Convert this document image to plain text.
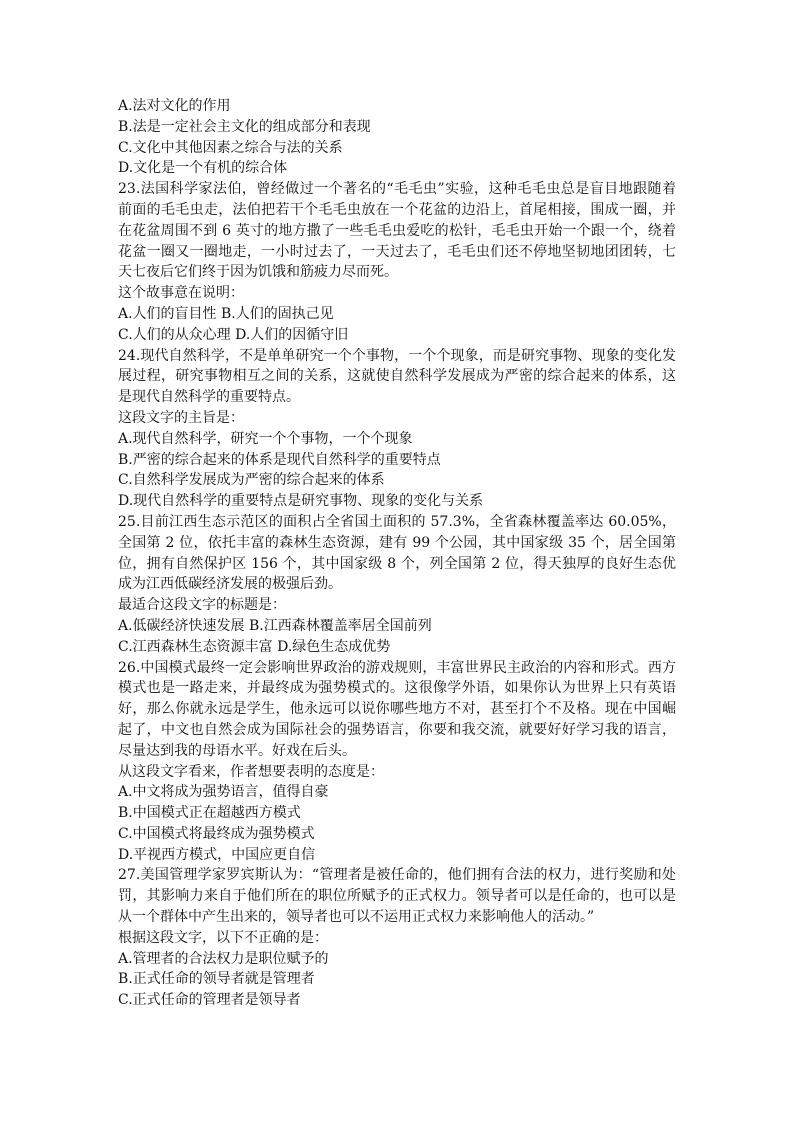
A.法对文化的作用
B.法是一定社会主文化的组成部分和表现
C.文化中其他因素之综合与法的关系
D.文化是一个有机的综合体
23.法国科学家法伯，曾经做过一个著名的“毛毛虫”实验，这种毛毛虫总是盲目地跟随着
前面的毛毛虫走，法伯把若干个毛毛虫放在一个花盆的边沿上，首尾相接，围成一圈，并
在花盆周围不到 6 英寸的地方撒了一些毛毛虫爱吃的松针，毛毛虫开始一个跟一个，绕着
花盆一圈又一圈地走，一小时过去了，一天过去了，毛毛虫们还不停地坚韧地团团转，七
天七夜后它们终于因为饥饿和筋疲力尽而死。
这个故事意在说明：
A.人们的盲目性 B.人们的固执己见
C.人们的从众心理 D.人们的因循守旧
24.现代自然科学，不是单单研究一个个事物，一个个现象，而是研究事物、现象的变化发
展过程，研究事物相互之间的关系，这就使自然科学发展成为严密的综合起来的体系，这
是现代自然科学的重要特点。
这段文字的主旨是：
A.现代自然科学，研究一个个事物，一个个现象
B.严密的综合起来的体系是现代自然科学的重要特点
C.自然科学发展成为严密的综合起来的体系
D.现代自然科学的重要特点是研究事物、现象的变化与关系
25.目前江西生态示范区的面积占全省国土面积的 57.3%，全省森林覆盖率达 60.05%，
全国第 2 位，依托丰富的森林生态资源，建有 99 个公园，其中国家级 35 个，居全国第
位，拥有自然保护区 156 个，其中国家级 8 个，列全国第 2 位，得天独厚的良好生态优
成为江西低碳经济发展的极强后劲。
最适合这段文字的标题是：
A.低碳经济快速发展 B.江西森林覆盖率居全国前列
C.江西森林生态资源丰富 D.绿色生态成优势
26.中国模式最终一定会影响世界政治的游戏规则，丰富世界民主政治的内容和形式。西方
模式也是一路走来，并最终成为强势模式的。这很像学外语，如果你认为世界上只有英语
好，那么你就永远是学生，他永远可以说你哪些地方不对，甚至打个不及格。现在中国崛
起了，中文也自然会成为国际社会的强势语言，你要和我交流，就要好好学习我的语言，
尽量达到我的母语水平。好戏在后头。
从这段文字看来，作者想要表明的态度是：
A.中文将成为强势语言，值得自豪
B.中国模式正在超越西方模式
C.中国模式将最终成为强势模式
D.平视西方模式，中国应更自信
27.美国管理学家罗宾斯认为：“管理者是被任命的，他们拥有合法的权力，进行奖励和处
罚，其影响力来自于他们所在的职位所赋予的正式权力。领导者可以是任命的，也可以是
从一个群体中产生出来的，领导者也可以不运用正式权力来影响他人的活动。”
根据这段文字，以下不正确的是：
A.管理者的合法权力是职位赋予的
B.正式任命的领导者就是管理者
C.正式任命的管理者是领导者
